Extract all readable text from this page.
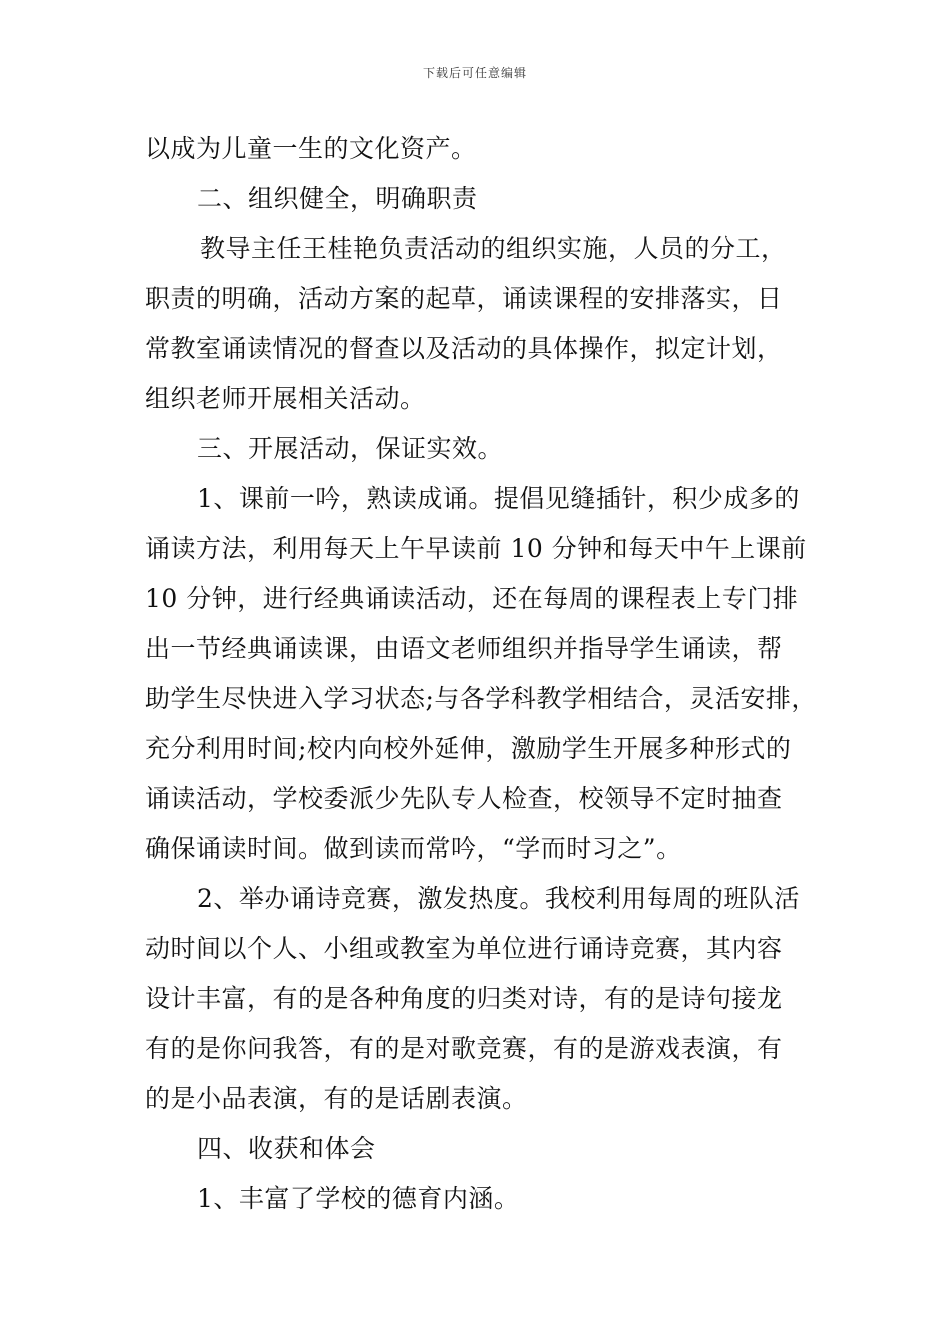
下载后可任意编辑
以成为儿童一生的文化资产。
二、组织健全，明确职责
教导主任王桂艳负责活动的组织实施，人员的分工，
职责的明确，活动方案的起草，诵读课程的安排落实，日
常教室诵读情况的督查以及活动的具体操作，拟定计划，
组织老师开展相关活动。
三、开展活动，保证实效。
1、课前一吟，熟读成诵。提倡见缝插针，积少成多的
诵读方法，利用每天上午早读前 10 分钟和每天中午上课前
10 分钟，进行经典诵读活动，还在每周的课程表上专门排
出一节经典诵读课，由语文老师组织并指导学生诵读，帮
助学生尽快进入学习状态;与各学科教学相结合，灵活安排，
充分利用时间;校内向校外延伸，激励学生开展多种形式的
诵读活动，学校委派少先队专人检查，校领导不定时抽查
确保诵读时间。做到读而常吟，“学而时习之”。
2、举办诵诗竞赛，激发热度。我校利用每周的班队活
动时间以个人、小组或教室为单位进行诵诗竞赛，其内容
设计丰富，有的是各种角度的归类对诗，有的是诗句接龙
有的是你问我答，有的是对歌竞赛，有的是游戏表演，有
的是小品表演，有的是话剧表演。
四、收获和体会
1、丰富了学校的德育内涵。
